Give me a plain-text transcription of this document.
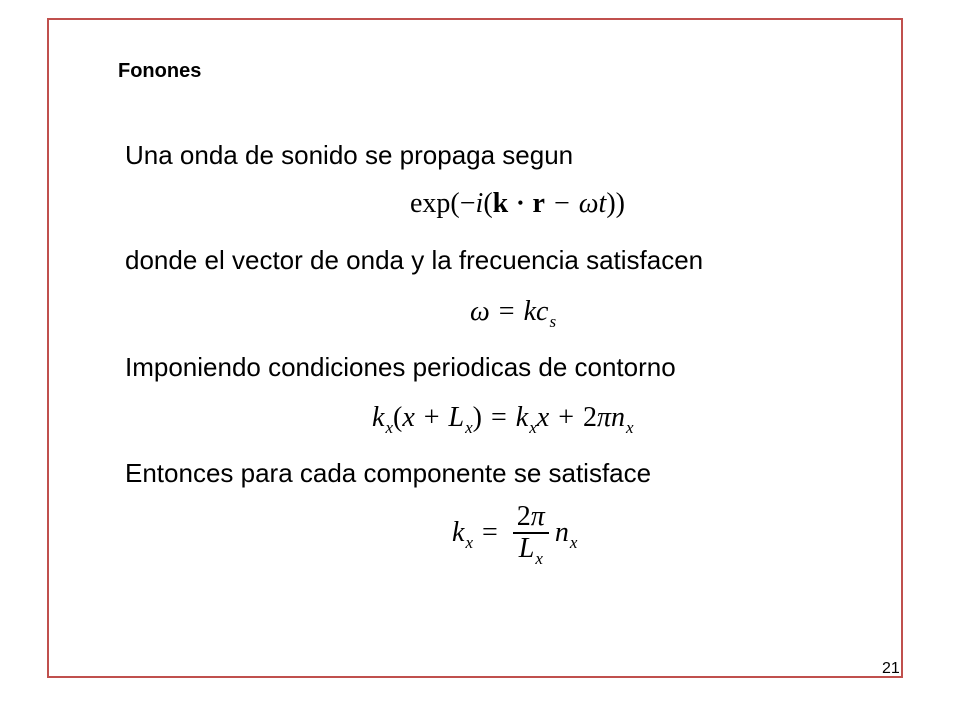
Fonones
Una onda de sonido se propaga segun
exp(−i(k • r − ωt))
donde el vector de onda y la frecuencia satisfacen
$\omega = kc_s$
Imponiendo condiciones periodicas de contorno
$k_x(x + L_x) = k_xx + 2\pi n_x$
Entonces para cada componente se satisface
$k_x = \frac{2\pi}{L_x} n_x$
21
